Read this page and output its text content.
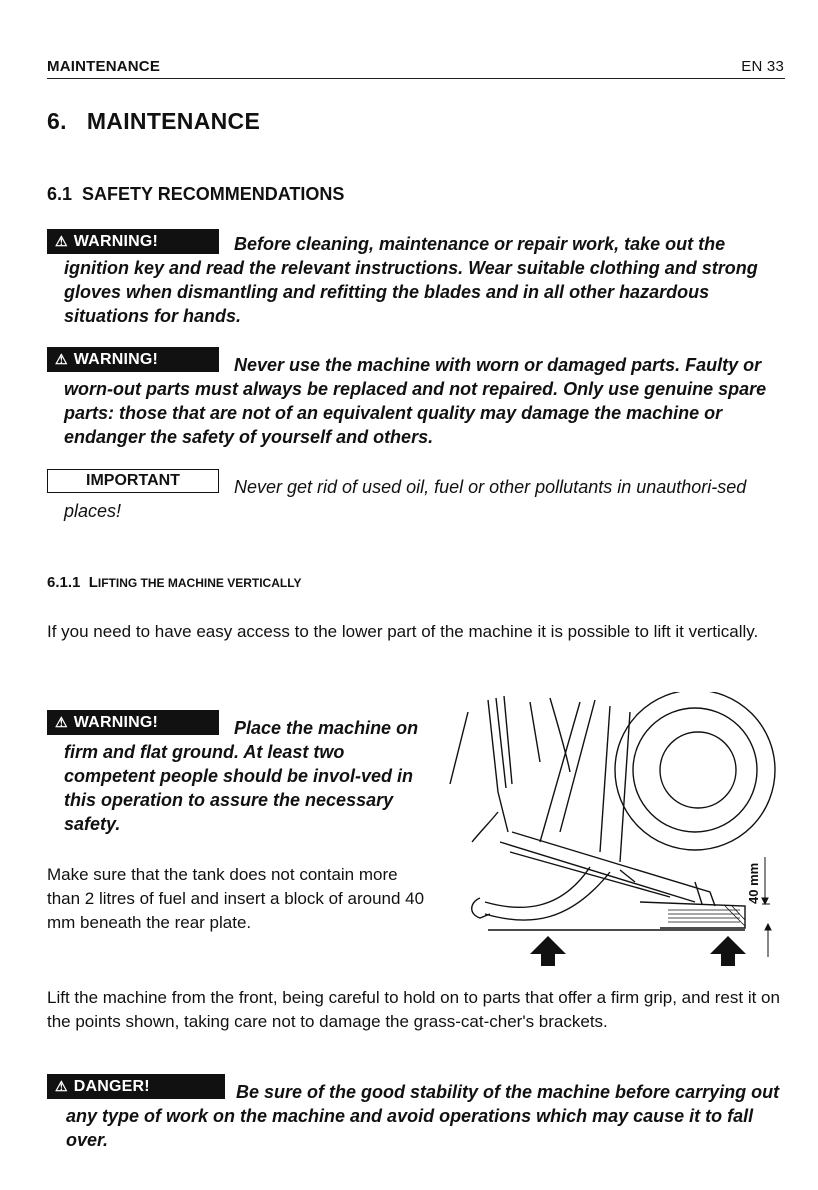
MAINTENANCE	EN 33
6.   MAINTENANCE
6.1  SAFETY RECOMMENDATIONS
⚠ WARNING!	Before cleaning, maintenance or repair work, take out the ignition key and read the relevant instructions. Wear suitable clothing and strong gloves when dismantling and refitting the blades and in all other hazardous situations for hands.

⚠ WARNING!	Never use the machine with worn or damaged parts. Faulty or worn-out parts must always be replaced and not repaired. Only use genuine spare parts: those that are not of an equivalent quality may damage the machine or endanger the safety of yourself and others.

IMPORTANT	Never get rid of used oil, fuel or other pollutants in unauthori-sed places!

6.1.1 LIFTING THE MACHINE VERTICALLY

If you need to have easy access to the lower part of the machine it is possible to lift it vertically.

⚠ WARNING!	Place the machine on firm and flat ground. At least two competent people should be invol-ved in this operation to assure the necessary safety.

Make sure that the tank does not contain more than 2 litres of fuel and insert a block of around 40 mm beneath the rear plate.

40 mm

Lift the machine from the front, being careful to hold on to parts that offer a firm grip, and rest it on the points shown, taking care not to damage the grass-cat-cher's brackets.

⚠ DANGER!	Be sure of the good stability of the machine before carrying out any type of work on the machine and avoid operations which may cause it to fall over.
